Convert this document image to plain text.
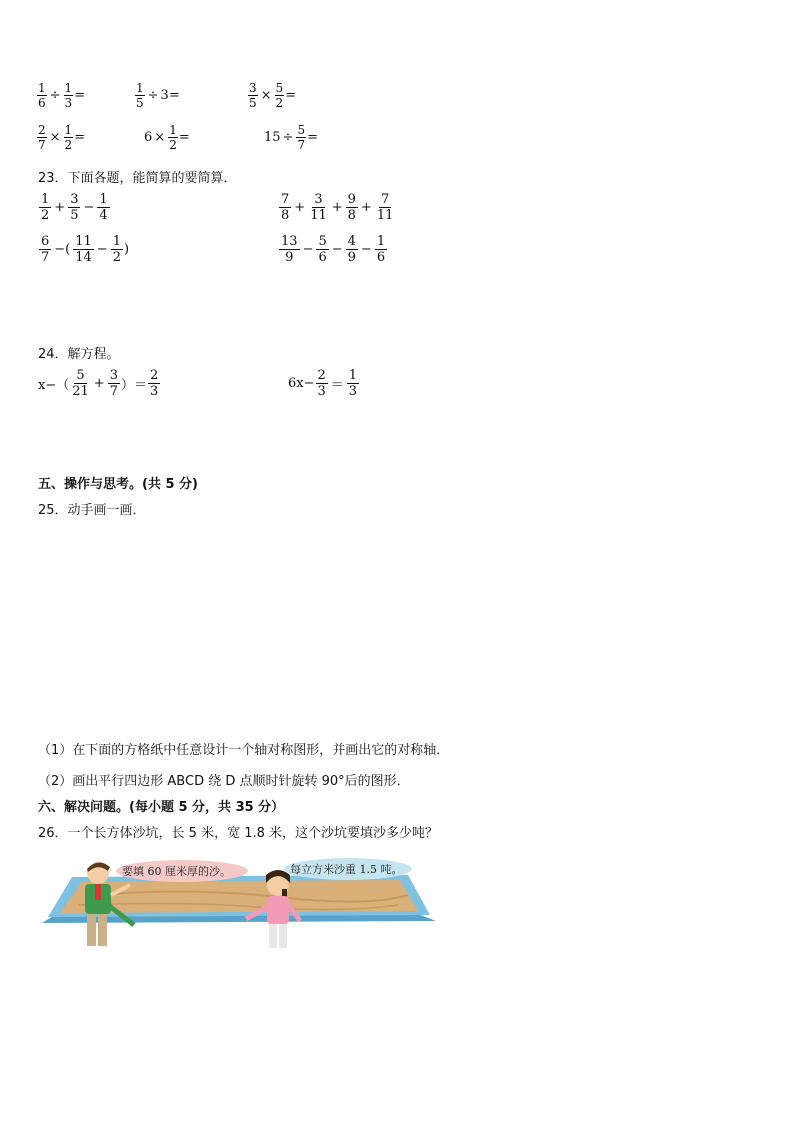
$\frac{1}{6} \div \frac{1}{3}$ =	$\frac{1}{5} \div 3$ =	$\frac{3}{5} \times \frac{5}{2}$ =
$\frac{2}{7} \times \frac{1}{2}$ =	$6 \times \frac{1}{2}$ =	$15 \div \frac{5}{7}$ =
23．下面各题，能简算的要简算．
$\frac{1}{2} + \frac{3}{5} - \frac{1}{4}$	$\frac{7}{8} + \frac{3}{11} + \frac{9}{8} + \frac{7}{11}$
$\frac{6}{7}$ −( $\frac{11}{14} - \frac{1}{2}$ )	$\frac{13}{9} - \frac{5}{6} - \frac{4}{9} - \frac{1}{6}$
24．解方程。
$x-( \frac{5}{21} + \frac{3}{7}$ ）＝ $\frac{2}{3}$	$6x- \frac{2}{3} = \frac{1}{3}$
五、操作与思考。(共 5 分)
25．动手画一画．
（1）在下面的方格纸中任意设计一个轴对称图形，并画出它的对称轴．
（2）画出平行四边形 ABCD 绕 D 点顺时针旋转 90°后的图形．
六、解决问题。(每小题 5 分，共 35 分）
26．一个长方体沙坑，长 5 米，宽 1.8 米，这个沙坑要填沙多少吨？
要填 60 厘米厚的沙。	每立方米沙重 1.5 吨。
